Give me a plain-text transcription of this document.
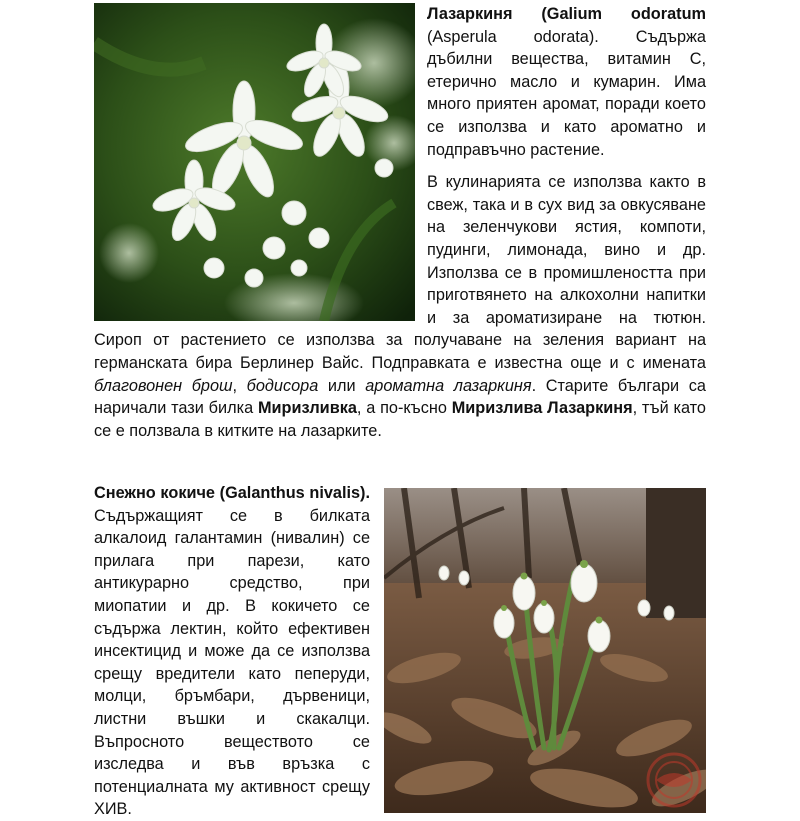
Лазаркиня (Galium odoratum (Asperula odorata). Съдържа дъбилни вещества, витамин С, етерично масло и кумарин. Има много приятен аромат, поради което се използва и като ароматно и подправъчно растение.

В кулинарията се използва както в свеж, така и в сух вид за овкусяване на зеленчукови ястия, компоти, пудинги, лимонада, вино и др. Използва се в промишлеността при приготвянето на алкохолни напитки и за ароматизиране на тютюн. Сироп от растението се използва за получаване на зеления вариант на германската бира Берлинер Вайс. Подправката е известна още и с имената благовонен брош, бодисора или ароматна лазаркиня. Старите българи са наричали тази билка Миризливка, а по-късно Миризлива Лазаркиня, тъй като се е ползвала в китките на лазарките.

Снежно кокиче (Galanthus nivalis). Съдържащият се в билката алкалоид галантамин (нивалин) се прилага при парези, като антикурарно средство, при миопатии и др. В кокичето се съдържа лектин, който ефективен инсектицид и може да се използва срещу вредители като пеперуди, молци, бръмбари, дървеници, листни въшки и скакалци. Въпросното веществото се изследва и във връзка с потенциалната му активност срещу ХИВ.
